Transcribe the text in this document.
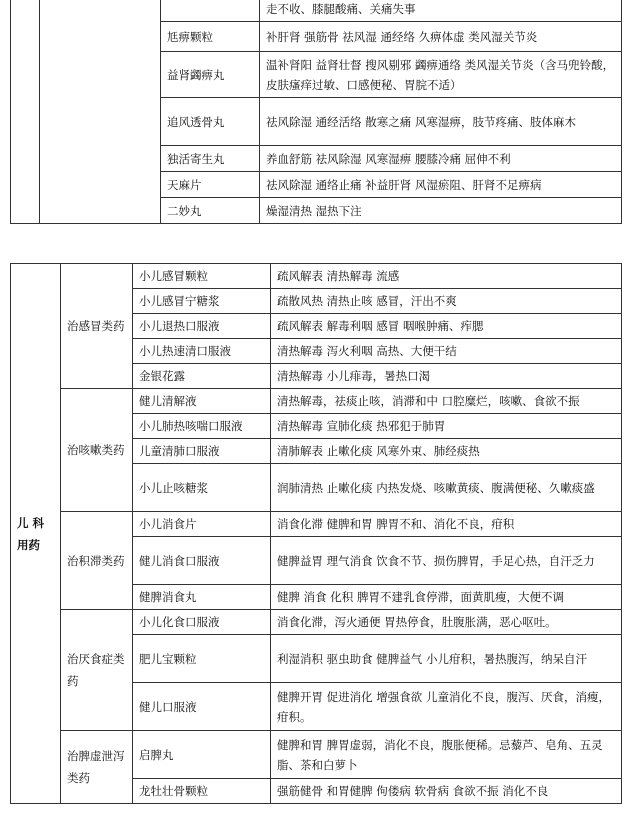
			走不收、膝腿酸痛、关痛失事
		尪痹颗粒	补肝肾 强筋骨 祛风湿 通经络 久痹体虚 类风湿关节炎
		益肾蠲痹丸	温补肾阳 益肾壮督 搜风剔邪 蠲痹通络 类风湿关节炎（含马兜铃酸，皮肤瘙痒过敏、口感便秘、胃脘不适）
		追风透骨丸	祛风除湿 通经活络 散寒之痛 风寒湿痹，肢节疼痛、肢体麻木
		独活寄生丸	养血舒筋 祛风除湿 风寒湿痹 腰膝冷痛 屈伸不利
		天麻片	祛风除湿 通络止痛 补益肝肾 风湿瘀阻、肝肾不足痹病
		二妙丸	燥湿清热 湿热下注
儿 科 用药	治感冒类药	小儿感冒颗粒	疏风解表 清热解毒 流感
		小儿感冒宁糖浆	疏散风热 清热止咳 感冒，汗出不爽
		小儿退热口服液	疏风解表 解毒利咽 感冒 咽喉肿痛、痄腮
		小儿热速清口服液	清热解毒 泻火利咽 高热、大便干结
		金银花露	清热解毒 小儿痱毒，暑热口渴
	治咳嗽类药	健儿清解液	清热解毒，祛痰止咳，消滞和中 口腔糜烂，咳嗽、食欲不振
		小儿肺热咳喘口服液	清热解毒 宣肺化痰 热邪犯于肺胃
		儿童清肺口服液	清肺解表 止嗽化痰 风寒外束、肺经痰热
		小儿止咳糖浆	润肺清热 止嗽化痰 内热发烧、咳嗽黄痰、腹满便秘、久嗽痰盛
	治积滞类药	小儿消食片	消食化滞 健脾和胃 脾胃不和、消化不良，疳积
		健儿消食口服液	健脾益胃 理气消食 饮食不节、损伤脾胃，手足心热，自汗乏力
		健脾消食丸	健脾 消食 化积 脾胃不建乳食停滞，面黄肌瘦，大便不调
	治厌食症类药	小儿化食口服液	消食化滞，泻火通便 胃热停食，肚腹胀满，恶心呕吐。
		肥儿宝颗粒	利湿消积 驱虫助食 健脾益气 小儿疳积，暑热腹泻，纳呆自汗
		健儿口服液	健脾开胃 促进消化 增强食欲 儿童消化不良，腹泻、厌食，消瘦，疳积。
	治脾虚泄泻类药	启脾丸	健脾和胃 脾胃虚弱，消化不良，腹胀便稀。忌藜芦、皂角、五灵脂、茶和白萝卜
		龙牡壮骨颗粒	强筋健骨 和胃健脾 佝偻病 软骨病 食欲不振 消化不良
